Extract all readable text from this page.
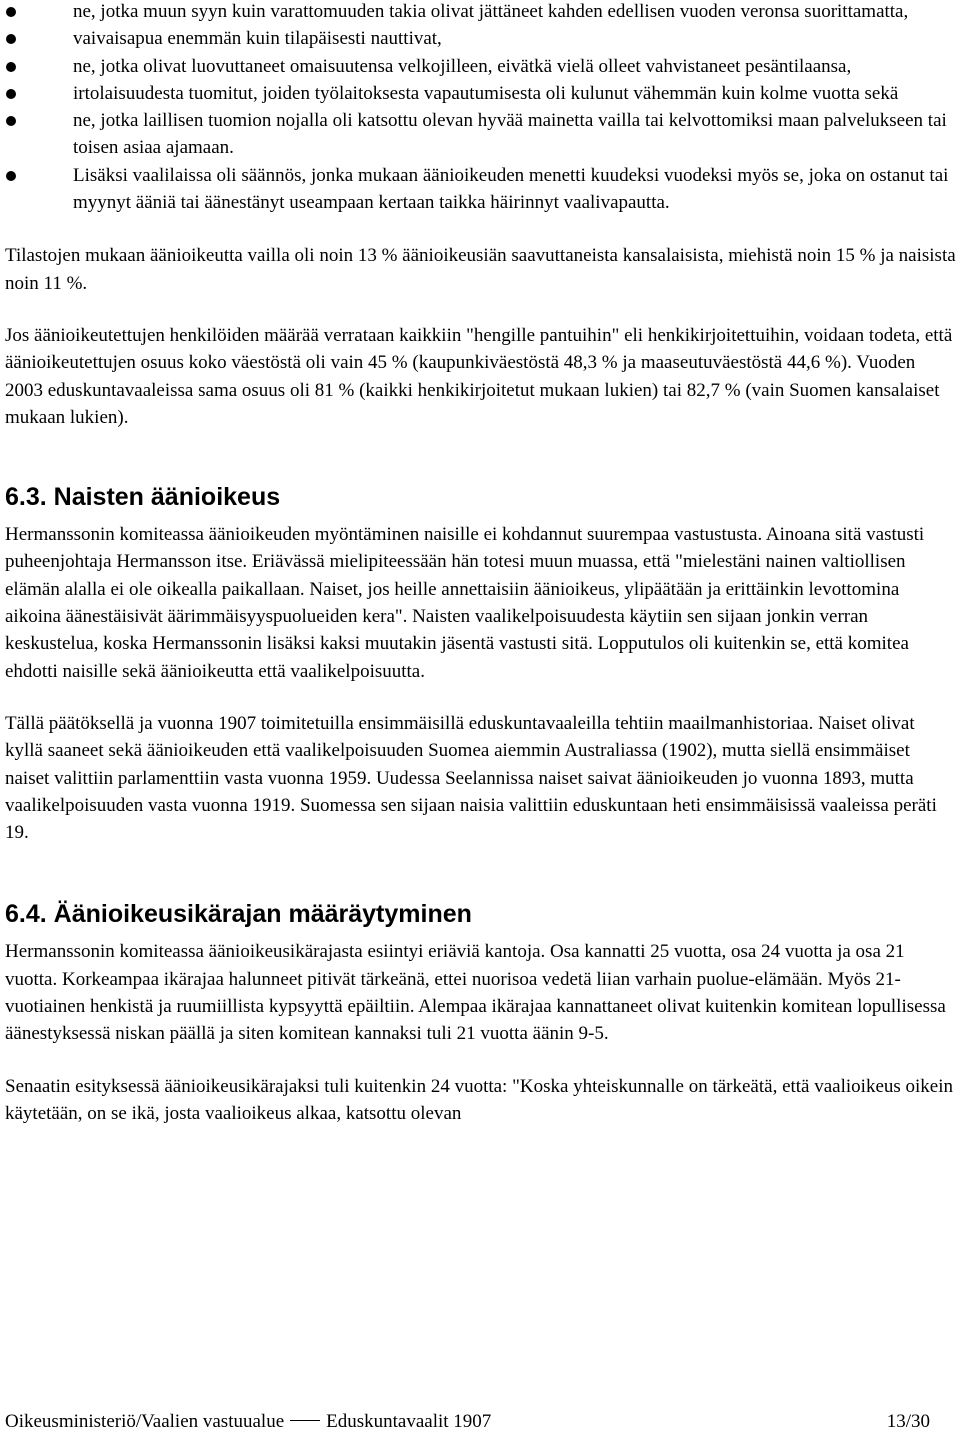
ne, jotka muun syyn kuin varattomuuden takia olivat jättäneet kahden edellisen vuoden veronsa suorittamatta,
vaivaisapua enemmän kuin tilapäisesti nauttivat,
ne, jotka olivat luovuttaneet omaisuutensa velkojilleen, eivätkä vielä olleet vahvistaneet pesäntilaansa,
irtolaisuudesta tuomitut, joiden työlaitoksesta vapautumisesta oli kulunut vähemmän kuin kolme vuotta sekä
ne, jotka laillisen tuomion nojalla oli katsottu olevan hyvää mainetta vailla tai kelvottomiksi maan palvelukseen tai toisen asiaa ajamaan.
Lisäksi vaalilaissa oli säännös, jonka mukaan äänioikeuden menetti kuudeksi vuodeksi myös se, joka on ostanut tai myynyt ääniä tai äänestänyt useampaan kertaan taikka häirinnyt vaalivapautta.

Tilastojen mukaan äänioikeutta vailla oli noin 13 % äänioikeusiän saavuttaneista kansalaisista, miehistä noin 15 % ja naisista noin 11 %.

Jos äänioikeutettujen henkilöiden määrää verrataan kaikkiin "hengille pantuihin" eli henkikirjoitettuihin, voidaan todeta, että äänioikeutettujen osuus koko väestöstä oli vain 45 % (kaupunkiväestöstä 48,3 % ja maaseutuväestöstä 44,6 %). Vuoden 2003 eduskuntavaaleissa sama osuus oli 81 % (kaikki henkikirjoitetut mukaan lukien) tai 82,7 % (vain Suomen kansalaiset mukaan lukien).

6.3. Naisten äänioikeus

Hermanssonin komiteassa äänioikeuden myöntäminen naisille ei kohdannut suurempaa vastustusta. Ainoana sitä vastusti puheenjohtaja Hermansson itse. Eriävässä mielipiteessään hän totesi muun muassa, että "mielestäni nainen valtiollisen elämän alalla ei ole oikealla paikallaan. Naiset, jos heille annettaisiin äänioikeus, ylipäätään ja erittäinkin levottomina aikoina äänestäisivät äärimmäisyyspuolueiden kera". Naisten vaalikelpoisuudesta käytiin sen sijaan jonkin verran keskustelua, koska Hermanssonin lisäksi kaksi muutakin jäsentä vastusti sitä. Lopputulos oli kuitenkin se, että komitea ehdotti naisille sekä äänioikeutta että vaalikelpoisuutta.

Tällä päätöksellä ja vuonna 1907 toimitetuilla ensimmäisillä eduskuntavaaleilla tehtiin maailmanhistoriaa. Naiset olivat kyllä saaneet sekä äänioikeuden että vaalikelpoisuuden Suomea aiemmin Australiassa (1902), mutta siellä ensimmäiset naiset valittiin parlamenttiin vasta vuonna 1959. Uudessa Seelannissa naiset saivat äänioikeuden jo vuonna 1893, mutta vaalikelpoisuuden vasta vuonna 1919. Suomessa sen sijaan naisia valittiin eduskuntaan heti ensimmäisissä vaaleissa peräti 19.

6.4. Äänioikeusikärajan määräytyminen

Hermanssonin komiteassa äänioikeusikärajasta esiintyi eriäviä kantoja. Osa kannatti 25 vuotta, osa 24 vuotta ja osa 21 vuotta. Korkeampaa ikärajaa halunneet pitivät tärkeänä, ettei nuorisoa vedetä liian varhain puolue-elämään. Myös 21-vuotiainen henkistä ja ruumiillista kypsyyttä epäiltiin. Alempaa ikärajaa kannattaneet olivat kuitenkin komitean lopullisessa äänestyksessä niskan päällä ja siten komitean kannaksi tuli 21 vuotta äänin 9-5.

Senaatin esityksessä äänioikeusikärajaksi tuli kuitenkin 24 vuotta: "Koska yhteiskunnalle on tärkeätä, että vaalioikeus oikein käytetään, on se ikä, josta vaalioikeus alkaa, katsottu olevan

Oikeusministeriö/Vaalien vastuualue Eduskuntavaalit 1907	13/30
